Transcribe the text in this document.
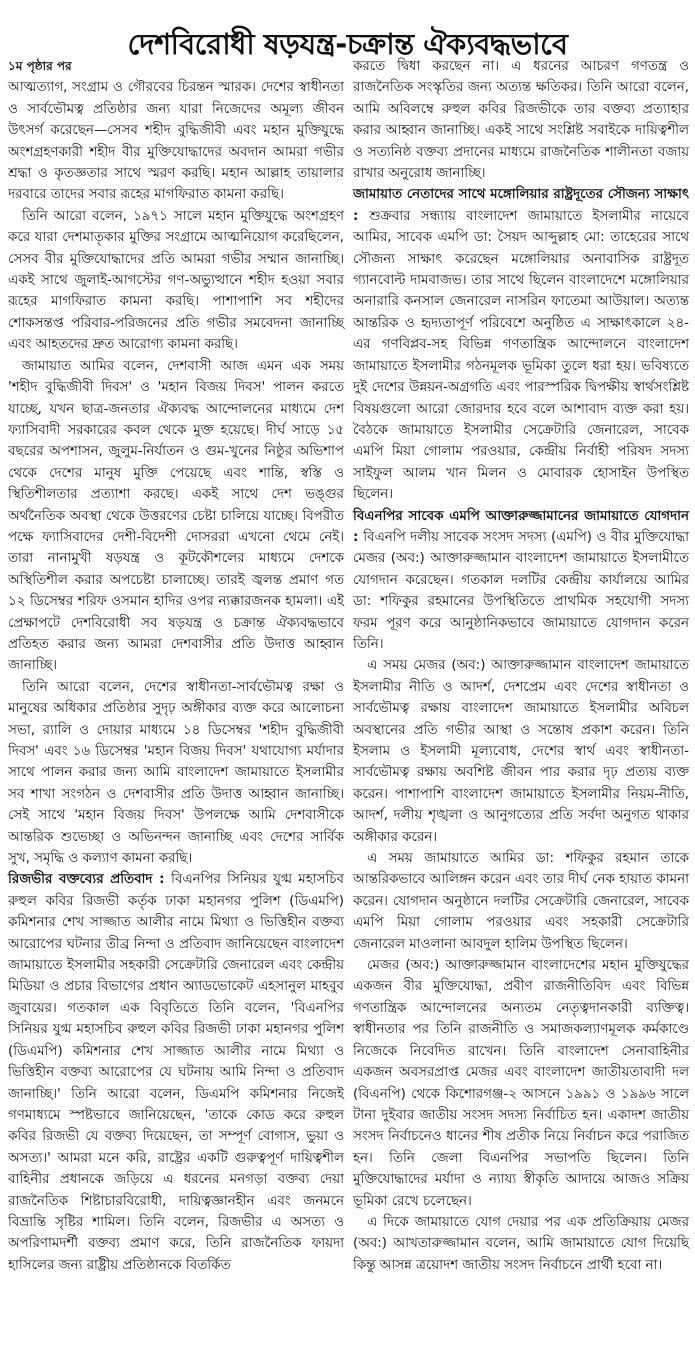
দেশবিরোধী ষড়যন্ত্র-চক্রান্ত ঐক্যবদ্ধভাবে
১ম পৃষ্ঠার পর

আত্মত্যাগ, সংগ্রাম ও গৌরবের চিরন্তন স্মারক। দেশের স্বাধীনতা ও সার্বভৌমত্ব প্রতিষ্ঠার জন্য যারা নিজেদের অমূল্য জীবন উৎসর্গ করেছেন—সেসব শহীদ বুদ্ধিজীবী এবং মহান মুক্তিযুদ্ধে অংশগ্রহণকারী শহীদ বীর মুক্তিযোদ্ধাদের অবদান আমরা গভীর শ্রদ্ধা ও কৃতজ্ঞতার সাথে স্মরণ করছি। মহান আল্লাহ তায়ালার দরবারে তাদের সবার রূহের মাগফিরাত কামনা করছি।

তিনি আরো বলেন, ১৯৭১ সালে মহান মুক্তিযুদ্ধে অংশগ্রহণ করে যারা দেশমাতৃকার মুক্তির সংগ্রামে আত্মনিয়োগ করেছিলেন, সেসব বীর মুক্তিযোদ্ধাদের প্রতি আমরা গভীর সম্মান জানাচ্ছি। একই সাথে জুলাই-আগস্টের গণ-অভ্যুত্থানে শহীদ হওয়া সবার রূহের মাগফিরাত কামনা করছি। পাশাপাশি সব শহীদের শোকসন্তপ্ত পরিবার-পরিজনের প্রতি গভীর সমবেদনা জানাচ্ছি এবং আহতদের দ্রুত আরোগ্য কামনা করছি।

জামায়াত আমির বলেন, দেশবাসী আজ এমন এক সময় 'শহীদ বুদ্ধিজীবী দিবস' ও 'মহান বিজয় দিবস' পালন করতে যাচ্ছে, যখন ছাত্র-জনতার ঐক্যবদ্ধ আন্দোলনের মাধ্যমে দেশ ফ্যাসিবাদী সরকারের কবল থেকে মুক্ত হয়েছে। দীর্ঘ সাড়ে ১৫ বছরের অপশাসন, জুলুম-নির্যাতন ও গুম-খুনের নিষ্ঠুর অভিশাপ থেকে দেশের মানুষ মুক্তি পেয়েছে এবং শান্তি, স্বস্তি ও স্থিতিশীলতার প্রত্যাশা করছে। একই সাথে দেশ ভঙ্গুর অর্থনৈতিক অবস্থা থেকে উত্তরণের চেষ্টা চালিয়ে যাচ্ছে। বিপরীত পক্ষে ফ্যাসিবাদের দেশী-বিদেশী দোসররা এখনো থেমে নেই। তারা নানামুখী ষড়যন্ত্র ও কূটকৌশলের মাধ্যমে দেশকে অস্থিতিশীল করার অপচেষ্টা চালাচ্ছে। তারই জ্বলন্ত প্রমাণ গত ১২ ডিসেম্বর শরিফ ওসমান হাদির ওপর ন্যক্কারজনক হামলা। এই প্রেক্ষাপটে দেশবিরোধী সব ষড়যন্ত্র ও চক্রান্ত ঐক্যবদ্ধভাবে প্রতিহত করার জন্য আমরা দেশবাসীর প্রতি উদাত্ত আহ্বান জানাচ্ছি।

তিনি আরো বলেন, দেশের স্বাধীনতা-সার্বভৌমত্ব রক্ষা ও মানুষের অধিকার প্রতিষ্ঠার সুদৃঢ় অঙ্গীকার ব্যক্ত করে আলোচনা সভা, র‌্যালি ও দোয়ার মাধ্যমে ১৪ ডিসেম্বর 'শহীদ বুদ্ধিজীবী দিবস' এবং ১৬ ডিসেম্বর 'মহান বিজয় দিবস' যথাযোগ্য মর্যাদার সাথে পালন করার জন্য আমি বাংলাদেশ জামায়াতে ইসলামীর সব শাখা সংগঠন ও দেশবাসীর প্রতি উদাত্ত আহ্বান জানাচ্ছি। সেই সাথে 'মহান বিজয় দিবস' উপলক্ষে আমি দেশবাসীকে আন্তরিক শুভেচ্ছা ও অভিনন্দন জানাচ্ছি এবং দেশের সার্বিক সুখ, সমৃদ্ধি ও কল্যাণ কামনা করছি।

রিজভীর বক্তব্যের প্রতিবাদ : বিএনপির সিনিয়র যুগ্ম মহাসচিব রুহুল কবির রিজভী কর্তৃক ঢাকা মহানগর পুলিশ (ডিএমপি) কমিশনার শেখ সাজ্জাত আলীর নামে মিথ্যা ও ভিত্তিহীন বক্তব্য আরোপের ঘটনার তীব্র নিন্দা ও প্রতিবাদ জানিয়েছেন বাংলাদেশ জামায়াতে ইসলামীর সহকারী সেক্রেটারি জেনারেল এবং কেন্দ্রীয় মিডিয়া ও প্রচার বিভাগের প্রধান অ্যাডভোকেট এহসানুল মাহবুব জুবায়ের। গতকাল এক বিবৃতিতে তিনি বলেন, 'বিএনপির সিনিয়র যুগ্ম মহাসচিব রুহুল কবির রিজভী ঢাকা মহানগর পুলিশ (ডিএমপি) কমিশনার শেখ সাজ্জাত আলীর নামে মিথ্যা ও ভিত্তিহীন বক্তব্য আরোপের যে ঘটনায় আমি নিন্দা ও প্রতিবাদ জানাচ্ছি।' তিনি আরো বলেন, ডিএমপি কমিশনার নিজেই গণমাধ্যমে স্পষ্টভাবে জানিয়েছেন, 'তাকে কোড করে রুহুল কবির রিজভী যে বক্তব্য দিয়েছেন, তা সম্পূর্ণ বোগাস, ভুয়া ও অসত্য।' আমরা মনে করি, রাষ্ট্রের একটি গুরুত্বপূর্ণ দায়িত্বশীল বাহিনীর প্রধানকে জড়িয়ে এ ধরনের মনগড়া বক্তব্য দেয়া রাজনৈতিক শিষ্টাচারবিরোধী, দায়িত্বজ্ঞানহীন এবং জনমনে বিভ্রান্তি সৃষ্টির শামিল। তিনি বলেন, রিজভীর এ অসত্য ও অপরিণামদর্শী বক্তব্য প্রমাণ করে, তিনি রাজনৈতিক ফায়দা হাসিলের জন্য রাষ্ট্রীয় প্রতিষ্ঠানকে বিতর্কিত

করতে দ্বিধা করছেন না। এ ধরনের আচরণ গণতন্ত্র ও রাজনৈতিক সংস্কৃতির জন্য অত্যন্ত ক্ষতিকর। তিনি আরো বলেন, আমি অবিলম্বে রুহুল কবির রিজভীকে তার বক্তব্য প্রত্যাহার করার আহ্বান জানাচ্ছি। একই সাথে সংশ্লিষ্ট সবাইকে দায়িত্বশীল ও সত্যনিষ্ঠ বক্তব্য প্রদানের মাধ্যমে রাজনৈতিক শালীনতা বজায় রাখার অনুরোধ জানাচ্ছি।

জামায়াত নেতাদের সাথে মঙ্গোলিয়ার রাষ্ট্রদূতের সৌজন্য সাক্ষাৎ : শুক্রবার সন্ধ্যায় বাংলাদেশ জামায়াতে ইসলামীর নায়েবে আমির, সাবেক এমপি ডা: সৈয়দ আব্দুল্লাহ মো: তাহেরের সাথে সৌজন্য সাক্ষাৎ করেছেন মঙ্গোলিয়ার অনাবাসিক রাষ্ট্রদূত গ্যানবোল্ট দামবাজভ। তার সাথে ছিলেন বাংলাদেশে মঙ্গোলিয়ার অনারারি কনসাল জেনারেল নাসরিন ফাতেমা আউয়াল। অত্যন্ত আন্তরিক ও হৃদ্যতাপূর্ণ পরিবেশে অনুষ্ঠিত এ সাক্ষাৎকালে ২৪-এর গণবিপ্লব-সহ বিভিন্ন গণতান্ত্রিক আন্দোলনে বাংলাদেশ জামায়াতে ইসলামীর গঠনমূলক ভূমিকা তুলে ধরা হয়। ভবিষ্যতে দুই দেশের উন্নয়ন-অগ্রগতি এবং পারস্পরিক দ্বিপক্ষীয় স্বার্থসংশ্লিষ্ট বিষয়গুলো আরো জোরদার হবে বলে আশাবাদ ব্যক্ত করা হয়। বৈঠকে জামায়াতে ইসলামীর সেক্রেটারি জেনারেল, সাবেক এমপি মিয়া গোলাম পরওয়ার, কেন্দ্রীয় নির্বাহী পরিষদ সদস্য সাইফুল আলম খান মিলন ও মোবারক হোসাইন উপস্থিত ছিলেন।

বিএনপির সাবেক এমপি আক্তারুজ্জামানের জামায়াতে যোগদান : বিএনপি দলীয় সাবেক সংসদ সদস্য (এমপি) ও বীর মুক্তিযোদ্ধা মেজর (অব:) আক্তারুজ্জামান বাংলাদেশ জামায়াতে ইসলামীতে যোগদান করেছেন। গতকাল দলটির কেন্দ্রীয় কার্যালয়ে আমির ডা: শফিকুর রহমানের উপস্থিতিতে প্রাথমিক সহযোগী সদস্য ফরম পূরণ করে আনুষ্ঠানিকভাবে জামায়াতে যোগদান করেন তিনি।

এ সময় মেজর (অব:) আক্তারুজ্জামান বাংলাদেশ জামায়াতে ইসলামীর নীতি ও আদর্শ, দেশপ্রেম এবং দেশের স্বাধীনতা ও সার্বভৌমত্ব রক্ষায় বাংলাদেশ জামায়াতে ইসলামীর অবিচল অবস্থানের প্রতি গভীর আস্থা ও সন্তোষ প্রকাশ করেন। তিনি ইসলাম ও ইসলামী মূল্যবোধ, দেশের স্বার্থ এবং স্বাধীনতা-সার্বভৌমত্ব রক্ষায় অবশিষ্ট জীবন পার করার দৃঢ় প্রত্যয় ব্যক্ত করেন। পাশাপাশি বাংলাদেশ জামায়াতে ইসলামীর নিয়ম-নীতি, আদর্শ, দলীয় শৃঙ্খলা ও আনুগত্যের প্রতি সর্বদা অনুগত থাকার অঙ্গীকার করেন।

এ সময় জামায়াতে আমির ডা: শফিকুর রহমান তাকে আন্তরিকভাবে আলিঙ্গন করেন এবং তার দীর্ঘ নেক হায়াত কামনা করেন। যোগদান অনুষ্ঠানে দলটির সেক্রেটারি জেনারেল, সাবেক এমপি মিয়া গোলাম পরওয়ার এবং সহকারী সেক্রেটারি জেনারেল মাওলানা আবদুল হালিম উপস্থিত ছিলেন।

মেজর (অব:) আক্তারুজ্জামান বাংলাদেশের মহান মুক্তিযুদ্ধের একজন বীর মুক্তিযোদ্ধা, প্রবীণ রাজনীতিবিদ এবং বিভিন্ন গণতান্ত্রিক আন্দোলনের অন্যতম নেতৃত্বদানকারী ব্যক্তিত্ব। স্বাধীনতার পর তিনি রাজনীতি ও সমাজকল্যাণমূলক কর্মকাণ্ডে নিজেকে নিবেদিত রাখেন। তিনি বাংলাদেশ সেনাবাহিনীর একজন অবসরপ্রাপ্ত মেজর এবং বাংলাদেশ জাতীয়তাবাদী দল (বিএনপি) থেকে কিশোরগঞ্জ-২ আসনে ১৯৯১ ও ১৯৯৬ সালে টানা দুইবার জাতীয় সংসদ সদস্য নির্বাচিত হন। একাদশ জাতীয় সংসদ নির্বাচনেও ধানের শীষ প্রতীক নিয়ে নির্বাচন করে পরাজিত হন। তিনি জেলা বিএনপির সভাপতি ছিলেন। তিনি মুক্তিযোদ্ধাদের মর্যাদা ও ন্যায্য স্বীকৃতি আদায়ে আজও সক্রিয় ভূমিকা রেখে চলেছেন।

এ দিকে জামায়াতে যোগ দেয়ার পর এক প্রতিক্রিয়ায় মেজর (অব:) আখতারুজ্জামান বলেন, আমি জামায়াতে যোগ দিয়েছি কিন্তু আসন্ন ত্রয়োদশ জাতীয় সংসদ নির্বাচনে প্রার্থী হবো না।
